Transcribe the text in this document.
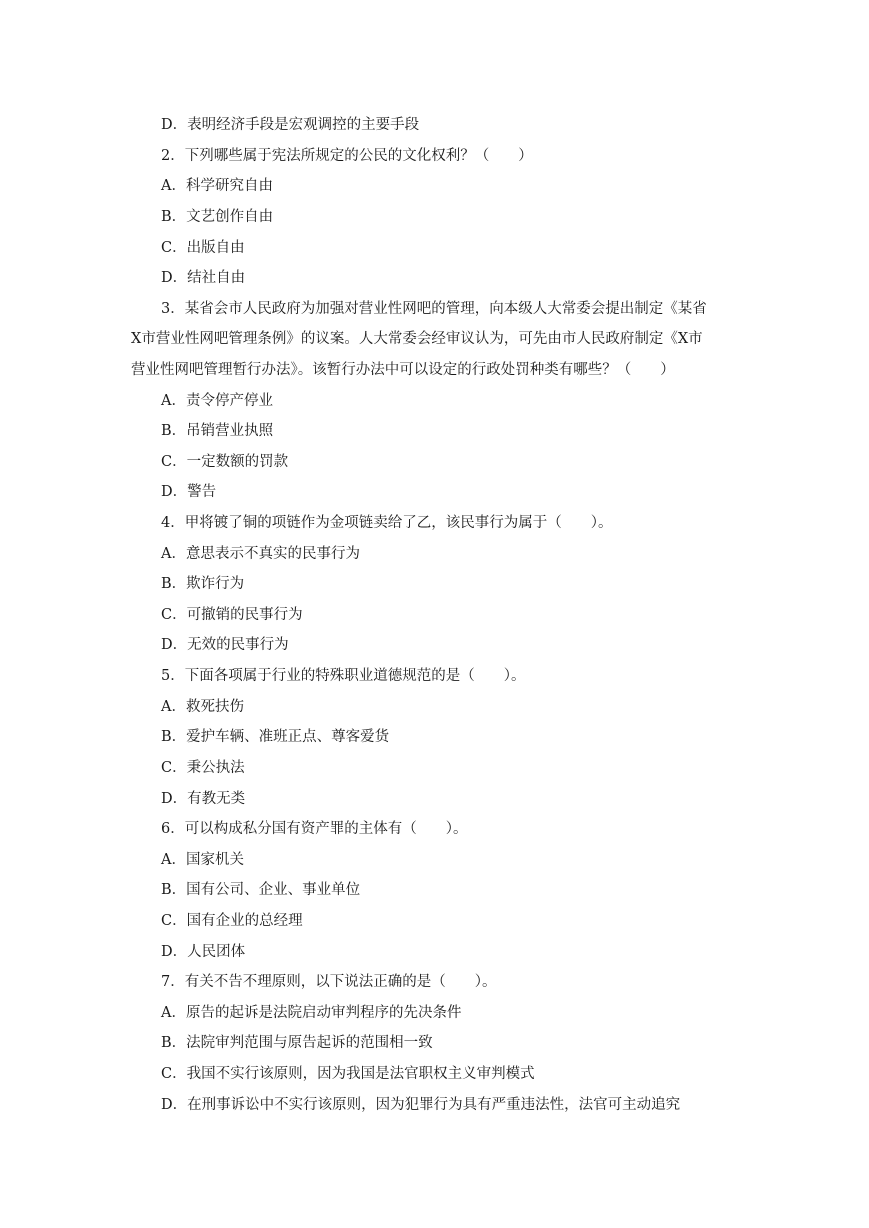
D．表明经济手段是宏观调控的主要手段
2．下列哪些属于宪法所规定的公民的文化权利？（　　）
A．科学研究自由
B．文艺创作自由
C．出版自由
D．结社自由
3．某省会市人民政府为加强对营业性网吧的管理，向本级人大常委会提出制定《某省
X市营业性网吧管理条例》的议案。人大常委会经审议认为，可先由市人民政府制定《X市
营业性网吧管理暂行办法》。该暂行办法中可以设定的行政处罚种类有哪些？（　　）
A．责令停产停业
B．吊销营业执照
C．一定数额的罚款
D．警告
4．甲将镀了铜的项链作为金项链卖给了乙，该民事行为属于（　　）。
A．意思表示不真实的民事行为
B．欺诈行为
C．可撤销的民事行为
D．无效的民事行为
5．下面各项属于行业的特殊职业道德规范的是（　　）。
A．救死扶伤
B．爱护车辆、准班正点、尊客爱货
C．秉公执法
D．有教无类
6．可以构成私分国有资产罪的主体有（　　）。
A．国家机关
B．国有公司、企业、事业单位
C．国有企业的总经理
D．人民团体
7．有关不告不理原则，以下说法正确的是（　　）。
A．原告的起诉是法院启动审判程序的先决条件
B．法院审判范围与原告起诉的范围相一致
C．我国不实行该原则，因为我国是法官职权主义审判模式
D．在刑事诉讼中不实行该原则，因为犯罪行为具有严重违法性，法官可主动追究
